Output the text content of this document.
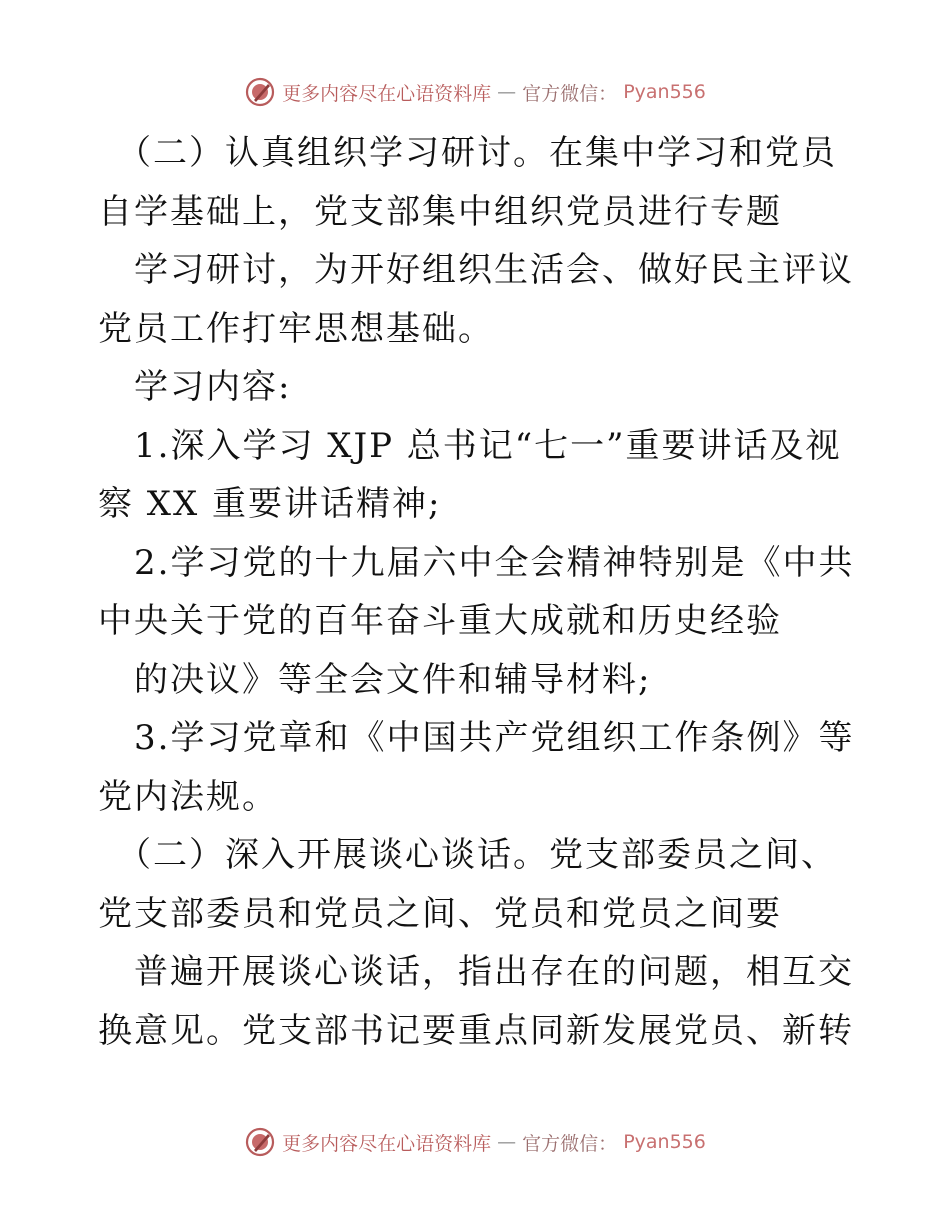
更多内容尽在心语资料库 — 官方微信： Pyan556

　（二）认真组织学习研讨。在集中学习和党员自学基础上，党支部集中组织党员进行专题

　学习研讨，为开好组织生活会、做好民主评议党员工作打牢思想基础。

　学习内容:

　1.深入学习 XJP 总书记“七一”重要讲话及视察 XX 重要讲话精神;

　2.学习党的十九届六中全会精神特别是《中共中央关于党的百年奋斗重大成就和历史经验

　的决议》等全会文件和辅导材料;

　3.学习党章和《中国共产党组织工作条例》等党内法规。

　（二）深入开展谈心谈话。党支部委员之间、党支部委员和党员之间、党员和党员之间要

　普遍开展谈心谈话，指出存在的问题，相互交换意见。党支部书记要重点同新发展党员、新转

更多内容尽在心语资料库 — 官方微信： Pyan556
